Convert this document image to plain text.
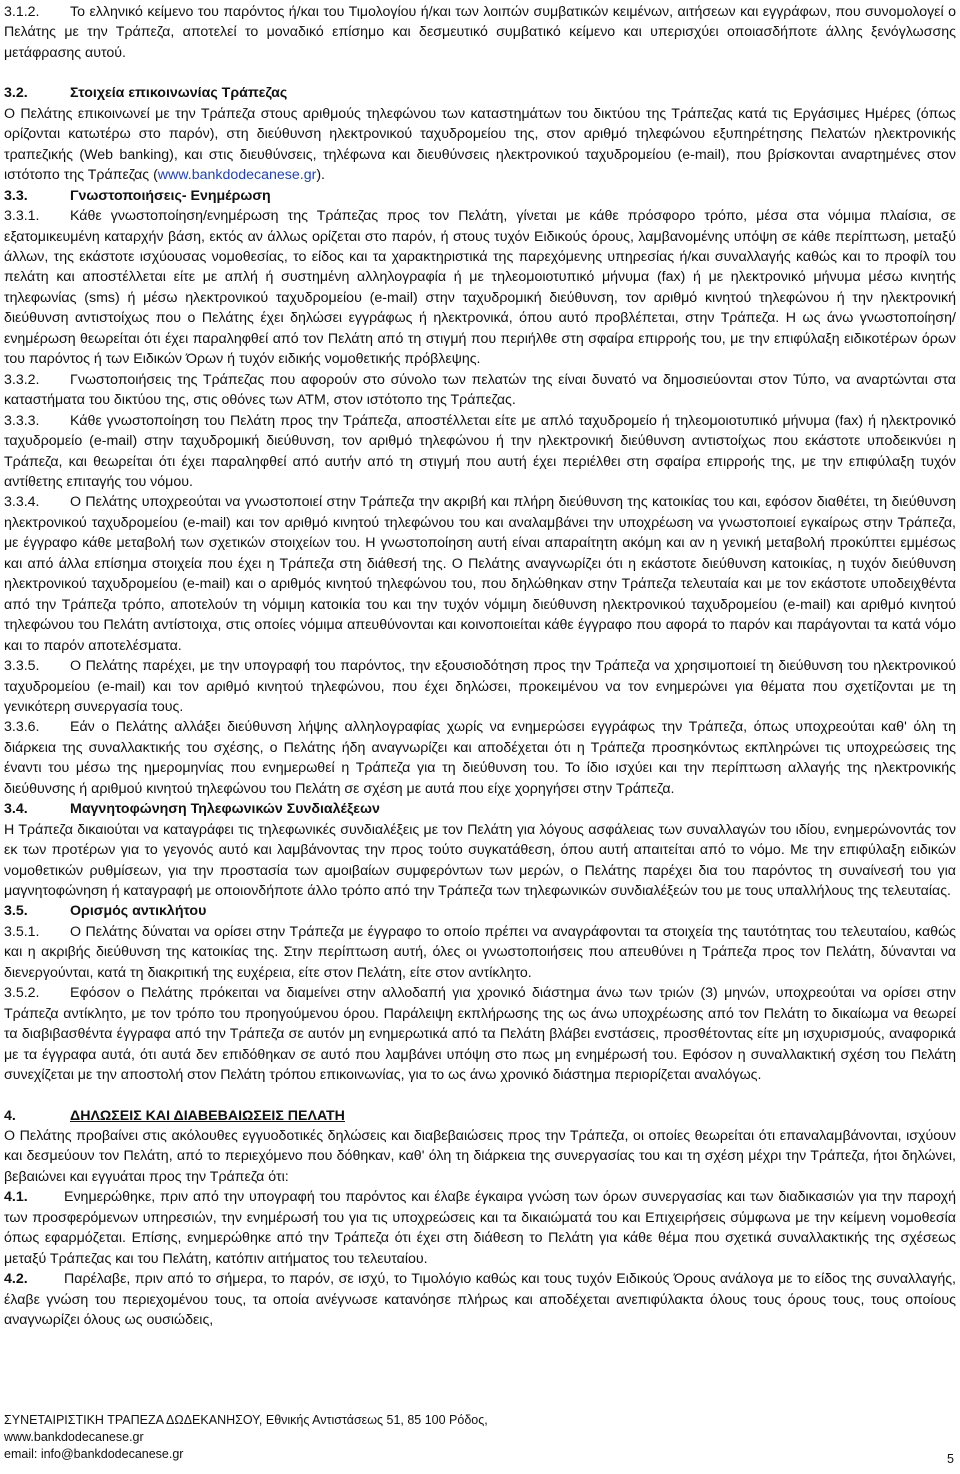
3.1.2. Το ελληνικό κείμενο του παρόντος ή/και του Τιμολογίου ή/και των λοιπών συμβατικών κειμένων, αιτήσεων και εγγράφων, που συνομολογεί ο Πελάτης με την Τράπεζα, αποτελεί το μοναδικό επίσημο και δεσμευτικό συμβατικό κείμενο και υπερισχύει οποιασδήποτε άλλης ξενόγλωσσης μετάφρασης αυτού.

3.2.	Στοιχεία επικοινωνίας Τράπεζας

Ο Πελάτης επικοινωνεί με την Τράπεζα στους αριθμούς τηλεφώνου των καταστημάτων του δικτύου της Τράπεζας κατά τις Εργάσιμες Ημέρες (όπως ορίζονται κατωτέρω στο παρόν), στη διεύθυνση ηλεκτρονικού ταχυδρομείου της, στον αριθμό τηλεφώνου εξυπηρέτησης Πελατών ηλεκτρονικής τραπεζικής (Web banking), και στις διευθύνσεις, τηλέφωνα και διευθύνσεις ηλεκτρονικού ταχυδρομείου (e-mail), που βρίσκονται αναρτημένες στον ιστότοπο της Τράπεζας (www.bankdodecanese.gr).

3.3.	Γνωστοποιήσεις- Ενημέρωση

3.3.1. Κάθε γνωστοποίηση/ενημέρωση της Τράπεζας προς τον Πελάτη, γίνεται με κάθε πρόσφορο τρόπο, μέσα στα νόμιμα πλαίσια, σε εξατομικευμένη καταρχήν βάση, εκτός αν άλλως ορίζεται στο παρόν, ή στους τυχόν Ειδικούς όρους, λαμβανομένης υπόψη σε κάθε περίπτωση, μεταξύ άλλων, της εκάστοτε ισχύουσας νομοθεσίας, το είδος και τα χαρακτηριστικά της παρεχόμενης υπηρεσίας ή/και συναλλαγής καθώς και το προφίλ του πελάτη και αποστέλλεται είτε με απλή ή συστημένη αλληλογραφία ή με τηλεομοιοτυπικό μήνυμα (fax) ή με ηλεκτρονικό μήνυμα μέσω κινητής τηλεφωνίας (sms) ή μέσω ηλεκτρονικού ταχυδρομείου (e-mail) στην ταχυδρομική διεύθυνση, τον αριθμό κινητού τηλεφώνου ή την ηλεκτρονική διεύθυνση αντιστοίχως που ο Πελάτης έχει δηλώσει εγγράφως ή ηλεκτρονικά, όπου αυτό προβλέπεται, στην Τράπεζα. Η ως άνω γνωστοποίηση/ενημέρωση θεωρείται ότι έχει παραληφθεί από τον Πελάτη από τη στιγμή που περιήλθε στη σφαίρα επιρροής του, με την επιφύλαξη ειδικοτέρων όρων του παρόντος ή των Ειδικών Όρων ή τυχόν ειδικής νομοθετικής πρόβλεψης.

3.3.2. Γνωστοποιήσεις της Τράπεζας που αφορούν στο σύνολο των πελατών της είναι δυνατό να δημοσιεύονται στον Τύπο, να αναρτώνται στα καταστήματα του δικτύου της, στις οθόνες των ATM, στον ιστότοπο της Τράπεζας.

3.3.3. Κάθε γνωστοποίηση του Πελάτη προς την Τράπεζα, αποστέλλεται είτε με απλό ταχυδρομείο ή τηλεομοιοτυπικό μήνυμα (fax) ή ηλεκτρονικό ταχυδρομείο (e-mail) στην ταχυδρομική διεύθυνση, τον αριθμό τηλεφώνου ή την ηλεκτρονική διεύθυνση αντιστοίχως που εκάστοτε υποδεικνύει η Τράπεζα, και θεωρείται ότι έχει παραληφθεί από αυτήν από τη στιγμή που αυτή έχει περιέλθει στη σφαίρα επιρροής της, με την επιφύλαξη τυχόν αντίθετης επιταγής του νόμου.

3.3.4. Ο Πελάτης υποχρεούται να γνωστοποιεί στην Τράπεζα την ακριβή και πλήρη διεύθυνση της κατοικίας του και, εφόσον διαθέτει, τη διεύθυνση ηλεκτρονικού ταχυδρομείου (e-mail) και τον αριθμό κινητού τηλεφώνου του και αναλαμβάνει την υποχρέωση να γνωστοποιεί εγκαίρως στην Τράπεζα, με έγγραφο κάθε μεταβολή των σχετικών στοιχείων του. Η γνωστοποίηση αυτή είναι απαραίτητη ακόμη και αν η γενική μεταβολή προκύπτει εμμέσως και από άλλα επίσημα στοιχεία που έχει η Τράπεζα στη διάθεσή της. Ο Πελάτης αναγνωρίζει ότι η εκάστοτε διεύθυνση κατοικίας, η τυχόν διεύθυνση ηλεκτρονικού ταχυδρομείου (e-mail) και ο αριθμός κινητού τηλεφώνου του, που δηλώθηκαν στην Τράπεζα τελευταία και με τον εκάστοτε υποδειχθέντα από την Τράπεζα τρόπο, αποτελούν τη νόμιμη κατοικία του και την τυχόν νόμιμη διεύθυνση ηλεκτρονικού ταχυδρομείου (e-mail) και αριθμό κινητού τηλεφώνου του Πελάτη αντίστοιχα, στις οποίες νόμιμα απευθύνονται και κοινοποιείται κάθε έγγραφο που αφορά το παρόν και παράγονται τα κατά νόμο και το παρόν αποτελέσματα.

3.3.5. Ο Πελάτης παρέχει, με την υπογραφή του παρόντος, την εξουσιοδότηση προς την Τράπεζα να χρησιμοποιεί τη διεύθυνση του ηλεκτρονικού ταχυδρομείου (e-mail) και τον αριθμό κινητού τηλεφώνου, που έχει δηλώσει, προκειμένου να τον ενημερώνει για θέματα που σχετίζονται με τη γενικότερη συνεργασία τους.

3.3.6. Εάν ο Πελάτης αλλάξει διεύθυνση λήψης αλληλογραφίας χωρίς να ενημερώσει εγγράφως την Τράπεζα, όπως υποχρεούται καθ' όλη τη διάρκεια της συναλλακτικής του σχέσης, ο Πελάτης ήδη αναγνωρίζει και αποδέχεται ότι η Τράπεζα προσηκόντως εκπληρώνει τις υποχρεώσεις της έναντι του μέσω της ημερομηνίας που ενημερωθεί η Τράπεζα για τη διεύθυνση του. Το ίδιο ισχύει και την περίπτωση αλλαγής της ηλεκτρονικής διεύθυνσης ή αριθμού κινητού τηλεφώνου του Πελάτη σε σχέση με αυτά που είχε χορηγήσει στην Τράπεζα.

3.4.	Μαγνητοφώνηση Τηλεφωνικών Συνδιαλέξεων

Η Τράπεζα δικαιούται να καταγράφει τις τηλεφωνικές συνδιαλέξεις με τον Πελάτη για λόγους ασφάλειας των συναλλαγών του ιδίου, ενημερώνοντάς τον εκ των προτέρων για το γεγονός αυτό και λαμβάνοντας την προς τούτο συγκατάθεση, όπου αυτή απαιτείται από το νόμο. Με την επιφύλαξη ειδικών νομοθετικών ρυθμίσεων, για την προστασία των αμοιβαίων συμφερόντων των μερών, ο Πελάτης παρέχει δια του παρόντος τη συναίνεσή του για μαγνητοφώνηση ή καταγραφή με οποιονδήποτε άλλο τρόπο από την Τράπεζα των τηλεφωνικών συνδιαλέξεών του με τους υπαλλήλους της τελευταίας.

3.5.	Ορισμός αντικλήτου

3.5.1. Ο Πελάτης δύναται να ορίσει στην Τράπεζα με έγγραφο το οποίο πρέπει να αναγράφονται τα στοιχεία της ταυτότητας του τελευταίου, καθώς και η ακριβής διεύθυνση της κατοικίας της. Στην περίπτωση αυτή, όλες οι γνωστοποιήσεις που απευθύνει η Τράπεζα προς τον Πελάτη, δύνανται να διενεργούνται, κατά τη διακριτική της ευχέρεια, είτε στον Πελάτη, είτε στον αντίκλητο.

3.5.2. Εφόσον ο Πελάτης πρόκειται να διαμείνει στην αλλοδαπή για χρονικό διάστημα άνω των τριών (3) μηνών, υποχρεούται να ορίσει στην Τράπεζα αντίκλητο, με τον τρόπο του προηγούμενου όρου. Παράλειψη εκπλήρωσης της ως άνω υποχρέωσης από τον Πελάτη το δικαίωμα να θεωρεί τα διαβιβασθέντα έγγραφα από την Τράπεζα σε αυτόν μη ενημερωτικά από τα Πελάτη βλάβει ενστάσεις, προσθέτοντας είτε μη ισχυρισμούς, αναφορικά με τα έγγραφα αυτά, ότι αυτά δεν επιδόθηκαν σε αυτό που λαμβάνει υπόψη στο πως μη ενημέρωσή του. Εφόσον η συναλλακτική σχέση του Πελάτη συνεχίζεται με την αποστολή στον Πελάτη τρόπου επικοινωνίας, για το ως άνω χρονικό διάστημα περιορίζεται αναλόγως.

4.	ΔΗΛΩΣΕΙΣ ΚΑΙ ΔΙΑΒΕΒΑΙΩΣΕΙΣ ΠΕΛΑΤΗ

Ο Πελάτης προβαίνει στις ακόλουθες εγγυοδοτικές δηλώσεις και διαβεβαιώσεις προς την Τράπεζα, οι οποίες θεωρείται ότι επαναλαμβάνονται, ισχύουν και δεσμεύουν τον Πελάτη, από το περιεχόμενο που δόθηκαν, καθ' όλη τη διάρκεια της συνεργασίας του και τη σχέση μέχρι την Τράπεζα, ήτοι δηλώνει, βεβαιώνει και εγγυάται προς την Τράπεζα ότι:

4.1.	Ενημερώθηκε, πριν από την υπογραφή του παρόντος και έλαβε έγκαιρα γνώση των όρων συνεργασίας και των διαδικασιών για την παροχή των προσφερόμενων υπηρεσιών, την ενημέρωσή του για τις υποχρεώσεις και τα δικαιώματά του και Επιχειρήσεις σύμφωνα με την κείμενη νομοθεσία όπως εφαρμόζεται. Επίσης, ενημερώθηκε από την Τράπεζα ότι έχει στη διάθεση το Πελάτη για κάθε θέμα που σχετικά συναλλακτικής της σχέσεως μεταξύ Τράπεζας και του Πελάτη, κατόπιν αιτήματος του τελευταίου.

4.2.	Παρέλαβε, πριν από το σήμερα, το παρόν, σε ισχύ, το Τιμολόγιο καθώς και τους τυχόν Ειδικούς Όρους ανάλογα με το είδος της συναλλαγής, έλαβε γνώση του περιεχομένου τους, τα οποία ανέγνωσε κατανόησε πλήρως και αποδέχεται ανεπιφύλακτα όλους τους όρους τους, τους οποίους αναγνωρίζει όλους ως ουσιώδεις,

ΣΥΝΕΤΑΙΡΙΣΤΙΚΗ ΤΡΑΠΕΖΑ ΔΩΔΕΚΑΝΗΣΟΥ, Εθνικής Αντιστάσεως 51, 85 100 Ρόδος,
www.bankdodecanese.gr
email: info@bankdodecanese.gr	5
